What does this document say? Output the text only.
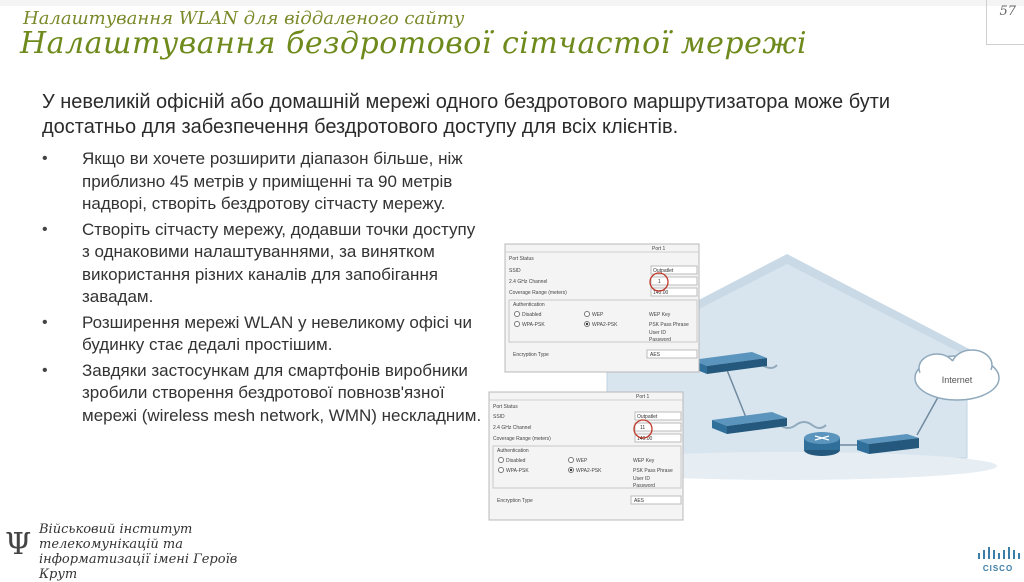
57
Налаштування WLAN для віддаленого сайту
Налаштування бездротової сітчастої мережі
У невеликій офісній або домашній мережі одного бездротового маршрутизатора може бути достатньо для забезпечення бездротового доступу для всіх клієнтів.
• Якщо ви хочете розширити діапазон більше, ніж приблизно 45 метрів у приміщенні та 90 метрів надворі, створіть бездротову сітчасту мережу.
• Створіть сітчасту мережу, додавши точки доступу з однаковими налаштуваннями, за винятком використання різних каналів для запобігання завадам.
• Розширення мережі WLAN у невеликому офісі чи будинку стає дедалі простішим.
• Завдяки застосункам для смартфонів виробники зробили створення бездротової повнозв'язної мережі (wireless mesh network, WMN) нескладним.
Internet
Port 1
Port Status
SSID	Outpatlet
2.4 GHz Channel	1
Coverage Range (meters)	140.00
Authentication
Disabled	WEP
WPA-PSK	WPA2-PSK
WEP Key
PSK Pass Phrase
User ID
Password
Encryption Type	AES
Port 1
Port Status
SSID	Outpatlet
2.4 GHz Channel	11
Coverage Range (meters)	140.00
Authentication
Disabled	WEP
WPA-PSK	WPA2-PSK
WEP Key
PSK Pass Phrase
User ID
Password
Encryption Type	AES
Ψ Військовий інститут телекомунікацій та інформатизації імені Героїв Крут	CISCO
